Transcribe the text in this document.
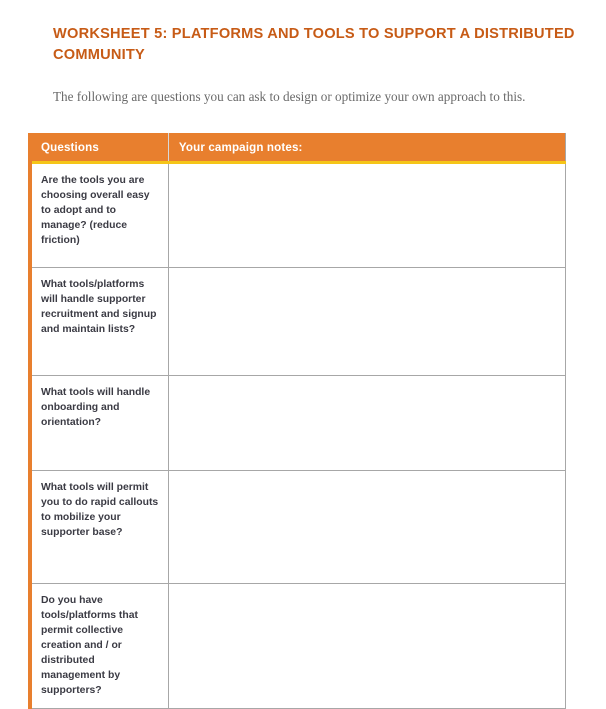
WORKSHEET 5: PLATFORMS AND TOOLS TO SUPPORT A DISTRIBUTED COMMUNITY

The following are questions you can ask to design or optimize your own approach to this.

Questions	Your campaign notes:
Are the tools you are choosing overall easy to adopt and to manage? (reduce friction)	
What tools/platforms will handle supporter recruitment and signup and maintain lists?	
What tools will handle onboarding and orientation?	
What tools will permit you to do rapid callouts to mobilize your supporter base?	
Do you have tools/platforms that permit collective creation and / or distributed management by supporters?	
